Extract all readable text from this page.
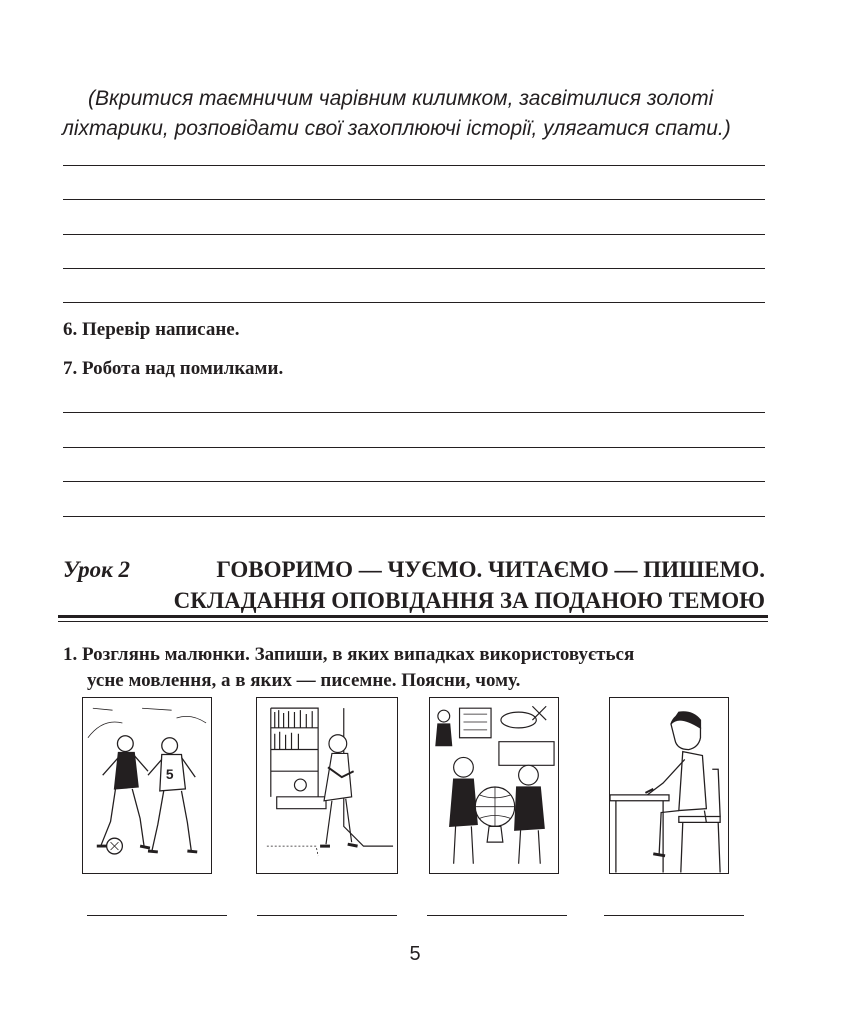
(Вкритися таємничим чарівним килимком, засвітилися золоті
ліхтарики, розповідати свої захоплюючі історії, улягатися спати.)

6. Перевір написане.

7. Робота над помилками.

Урок 2	ГОВОРИМО — ЧУЄМО. ЧИТАЄМО — ПИШЕМО.

СКЛАДАННЯ ОПОВІДАННЯ ЗА ПОДАНОЮ ТЕМОЮ

1. Розглянь малюнки. Запиши, в яких випадках використовується
усне мовлення, а в яких — писемне. Поясни, чому.

5
5
